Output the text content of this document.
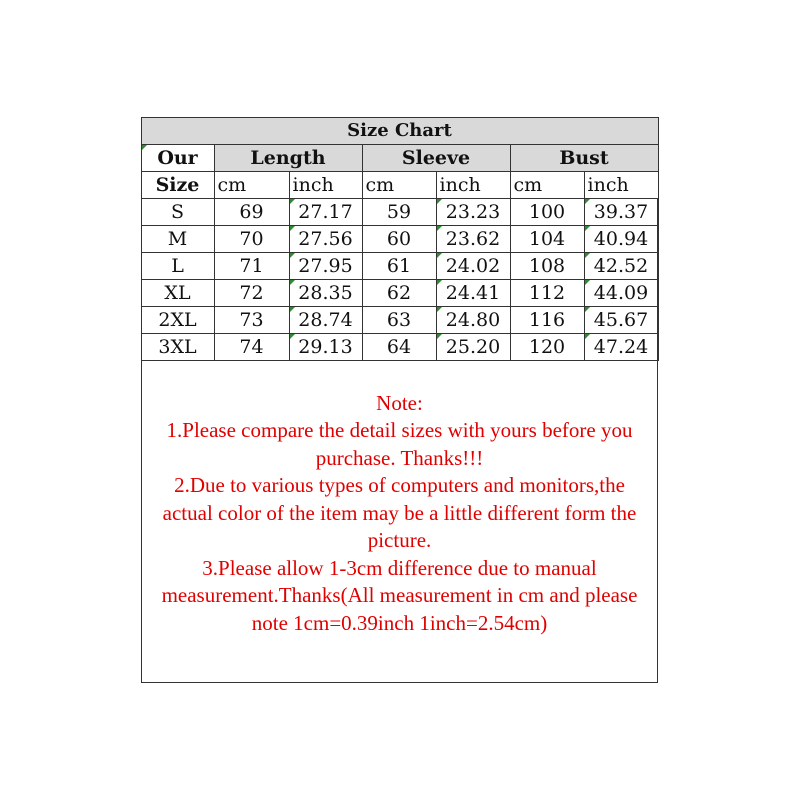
Size Chart						
Our	Length		Sleeve		Bust	
Size	cm	inch	cm	inch	cm	inch
S	69	27.17	59	23.23	100	39.37
M	70	27.56	60	23.62	104	40.94
L	71	27.95	61	24.02	108	42.52
XL	72	28.35	62	24.41	112	44.09
2XL	73	28.74	63	24.80	116	45.67
3XL	74	29.13	64	25.20	120	47.24

Note:

1.Please compare the detail sizes with yours before you

purchase. Thanks!!!

2.Due to various types of computers and monitors,the

actual color of the item may be a little different form the

picture.

3.Please allow 1-3cm difference due to manual

measurement.Thanks(All measurement in cm and please

note 1cm=0.39inch 1inch=2.54cm)
